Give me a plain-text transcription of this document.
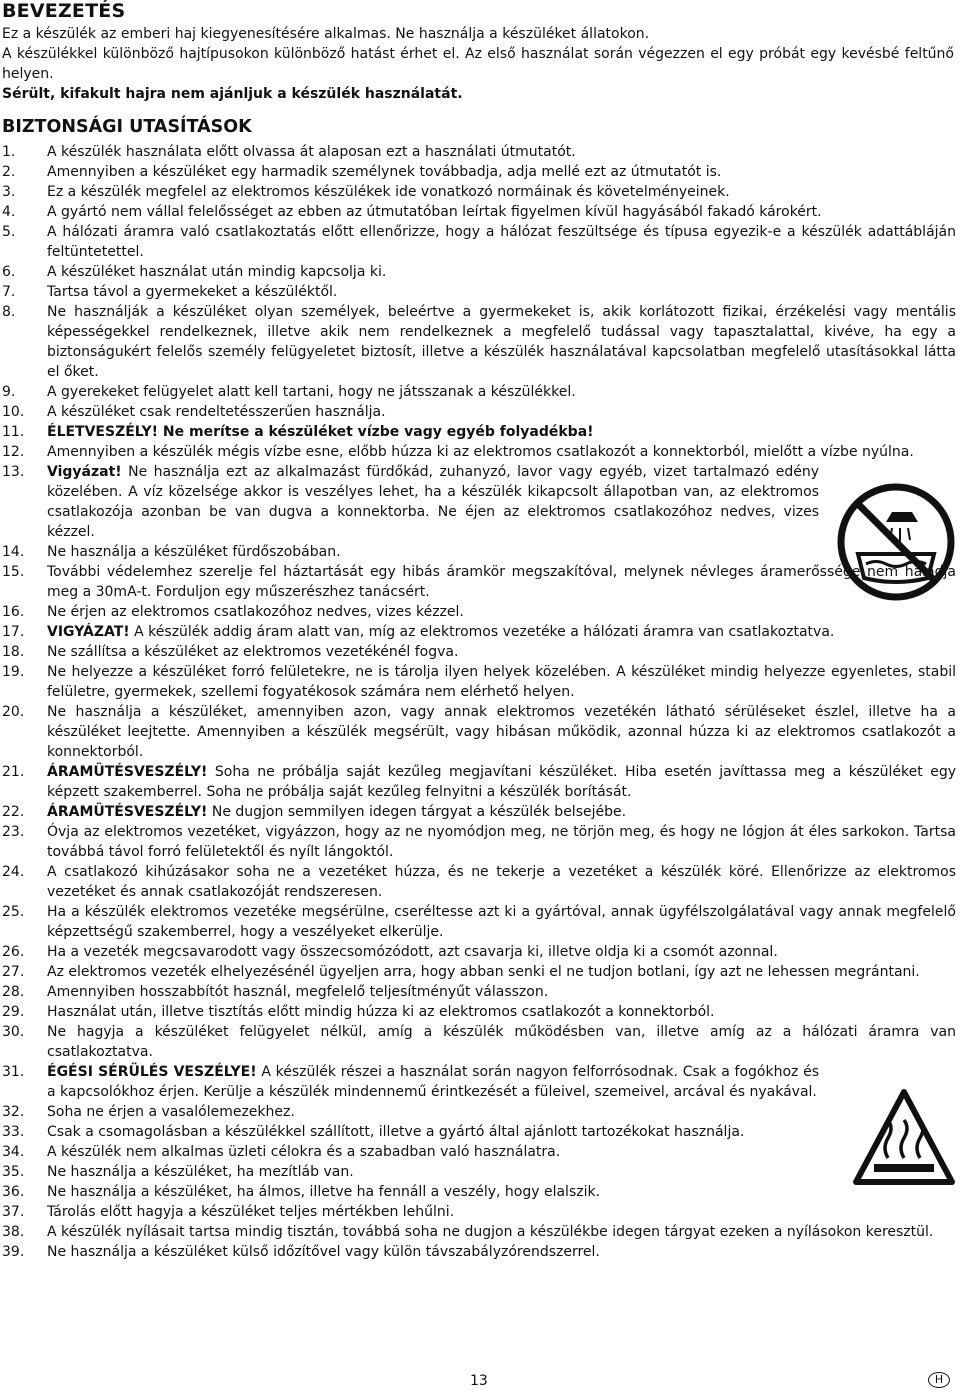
BEVEZETÉS

Ez a készülék az emberi haj kiegyenesítésére alkalmas. Ne használja a készüléket állatokon.

A készülékkel különböző hajtípusokon különböző hatást érhet el. Az első használat során végezzen el egy próbát egy kevésbé feltűnő helyen.

Sérült, kifakult hajra nem ajánljuk a készülék használatát.

BIZTONSÁGI UTASÍTÁSOK
1.	A készülék használata előtt olvassa át alaposan ezt a használati útmutatót.
2.	Amennyiben a készüléket egy harmadik személynek továbbadja, adja mellé ezt az útmutatót is.
3.	Ez a készülék megfelel az elektromos készülékek ide vonatkozó normáinak és követelményeinek.
4.	A gyártó nem vállal felelősséget az ebben az útmutatóban leírtak figyelmen kívül hagyásából fakadó károkért.
5.	A hálózati áramra való csatlakoztatás előtt ellenőrizze, hogy a hálózat feszültsége és típusa egyezik-e a készülék adattábláján feltüntetettel.
6.	A készüléket használat után mindig kapcsolja ki.
7.	Tartsa távol a gyermekeket a készüléktől.
8.	Ne használják a készüléket olyan személyek, beleértve a gyermekeket is, akik korlátozott fizikai, érzékelési vagy mentális képességekkel rendelkeznek, illetve akik nem rendelkeznek a megfelelő tudással vagy tapasztalattal, kivéve, ha egy a biztonságukért felelős személy felügyeletet biztosít, illetve a készülék használatával kapcsolatban megfelelő utasításokkal látta el őket.
9.	A gyerekeket felügyelet alatt kell tartani, hogy ne játsszanak a készülékkel.
10.	A készüléket csak rendeltetésszerűen használja.
11.	ÉLETVESZÉLY! Ne merítse a készüléket vízbe vagy egyéb folyadékba!
12.	Amennyiben a készülék mégis vízbe esne, előbb húzza ki az elektromos csatlakozót a konnektorból, mielőtt a vízbe nyúlna.
13.	Vigyázat! Ne használja ezt az alkalmazást fürdőkád, zuhanyzó, lavor vagy egyéb, vizet tartalmazó edény közelében. A víz közelsége akkor is veszélyes lehet, ha a készülék kikapcsolt állapotban van, az elektromos csatlakozója azonban be van dugva a konnektorba. Ne éjen az elektromos csatlakozóhoz nedves, vizes kézzel.
14.	Ne használja a készüléket fürdőszobában.
15.	További védelemhez szerelje fel háztartását egy hibás áramkör megszakítóval, melynek névleges áramerőssége nem haladja meg a 30mA-t. Forduljon egy műszerészhez tanácsért.
16.	Ne érjen az elektromos csatlakozóhoz nedves, vizes kézzel.
17.	VIGYÁZAT! A készülék addig áram alatt van, míg az elektromos vezetéke a hálózati áramra van csatlakoztatva.
18.	Ne szállítsa a készüléket az elektromos vezetékénél fogva.
19.	Ne helyezze a készüléket forró felületekre, ne is tárolja ilyen helyek közelében. A készüléket mindig helyezze egyenletes, stabil felületre, gyermekek, szellemi fogyatékosok számára nem elérhető helyen.
20.	Ne használja a készüléket, amennyiben azon, vagy annak elektromos vezetékén látható sérüléseket észlel, illetve ha a készüléket leejtette. Amennyiben a készülék megsérült, vagy hibásan működik, azonnal húzza ki az elektromos csatlakozót a konnektorból.
21.	ÁRAMÜTÉSVESZÉLY! Soha ne próbálja saját kezűleg megjavítani készüléket. Hiba esetén javíttassa meg a készüléket egy képzett szakemberrel. Soha ne próbálja saját kezűleg felnyitni a készülék borítását.
22.	ÁRAMÜTÉSVESZÉLY! Ne dugjon semmilyen idegen tárgyat a készülék belsejébe.
23.	Óvja az elektromos vezetéket, vigyázzon, hogy az ne nyomódjon meg, ne törjön meg, és hogy ne lógjon át éles sarkokon. Tartsa továbbá távol forró felületektől és nyílt lángoktól.
24.	A csatlakozó kihúzásakor soha ne a vezetéket húzza, és ne tekerje a vezetéket a készülék köré. Ellenőrizze az elektromos vezetéket és annak csatlakozóját rendszeresen.
25.	Ha a készülék elektromos vezetéke megsérülne, cseréltesse azt ki a gyártóval, annak ügyfélszolgálatával vagy annak megfelelő képzettségű szakemberrel, hogy a veszélyeket elkerülje.
26.	Ha a vezeték megcsavarodott vagy összecsomózódott, azt csavarja ki, illetve oldja ki a csomót azonnal.
27.	Az elektromos vezeték elhelyezésénél ügyeljen arra, hogy abban senki el ne tudjon botlani, így azt ne lehessen megrántani.
28.	Amennyiben hosszabbítót használ, megfelelő teljesítményűt válasszon.
29.	Használat után, illetve tisztítás előtt mindig húzza ki az elektromos csatlakozót a konnektorból.
30.	Ne hagyja a készüléket felügyelet nélkül, amíg a készülék működésben van, illetve amíg az a hálózati áramra van csatlakoztatva.
31.	ÉGÉSI SÉRÜLÉS VESZÉLYE! A készülék részei a használat során nagyon felforrósodnak. Csak a fogókhoz és a kapcsolókhoz érjen. Kerülje a készülék mindennemű érintkezését a füleivel, szemeivel, arcával és nyakával.
32.	Soha ne érjen a vasalólemezekhez.
33.	Csak a csomagolásban a készülékkel szállított, illetve a gyártó által ajánlott tartozékokat használja.
34.	A készülék nem alkalmas üzleti célokra és a szabadban való használatra.
35.	Ne használja a készüléket, ha mezítláb van.
36.	Ne használja a készüléket, ha álmos, illetve ha fennáll a veszély, hogy elalszik.
37.	Tárolás előtt hagyja a készüléket teljes mértékben lehűlni.
38.	A készülék nyílásait tartsa mindig tisztán, továbbá soha ne dugjon a készülékbe idegen tárgyat ezeken a nyílásokon keresztül.
39.	Ne használja a készüléket külső időzítővel vagy külön távszabályzórendszerrel.
13	H
